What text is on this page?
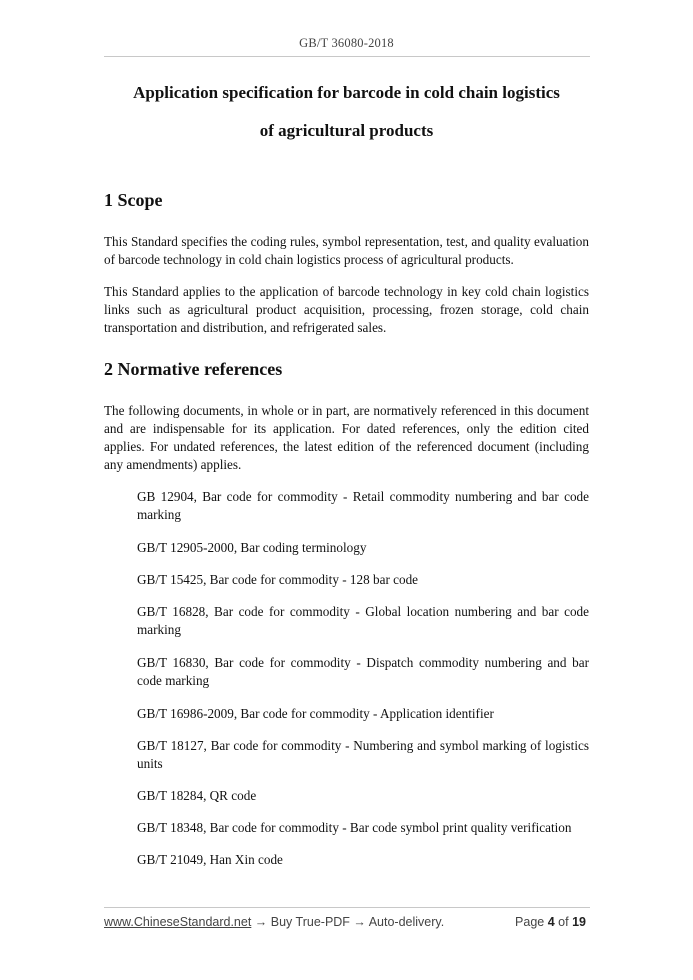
GB/T 36080-2018
Application specification for barcode in cold chain logistics
of agricultural products
1 Scope

This Standard specifies the coding rules, symbol representation, test, and quality evaluation of barcode technology in cold chain logistics process of agricultural products.

This Standard applies to the application of barcode technology in key cold chain logistics links such as agricultural product acquisition, processing, frozen storage, cold chain transportation and distribution, and refrigerated sales.

2 Normative references

The following documents, in whole or in part, are normatively referenced in this document and are indispensable for its application. For dated references, only the edition cited applies. For undated references, the latest edition of the referenced document (including any amendments) applies.

GB 12904, Bar code for commodity - Retail commodity numbering and bar code marking

GB/T 12905-2000, Bar coding terminology

GB/T 15425, Bar code for commodity - 128 bar code

GB/T 16828, Bar code for commodity - Global location numbering and bar code marking

GB/T 16830, Bar code for commodity - Dispatch commodity numbering and bar code marking

GB/T 16986-2009, Bar code for commodity - Application identifier

GB/T 18127, Bar code for commodity - Numbering and symbol marking of logistics units

GB/T 18284, QR code

GB/T 18348, Bar code for commodity - Bar code symbol print quality verification

GB/T 21049, Han Xin code

www.ChineseStandard.net → Buy True-PDF → Auto-delivery.	Page 4 of 19
